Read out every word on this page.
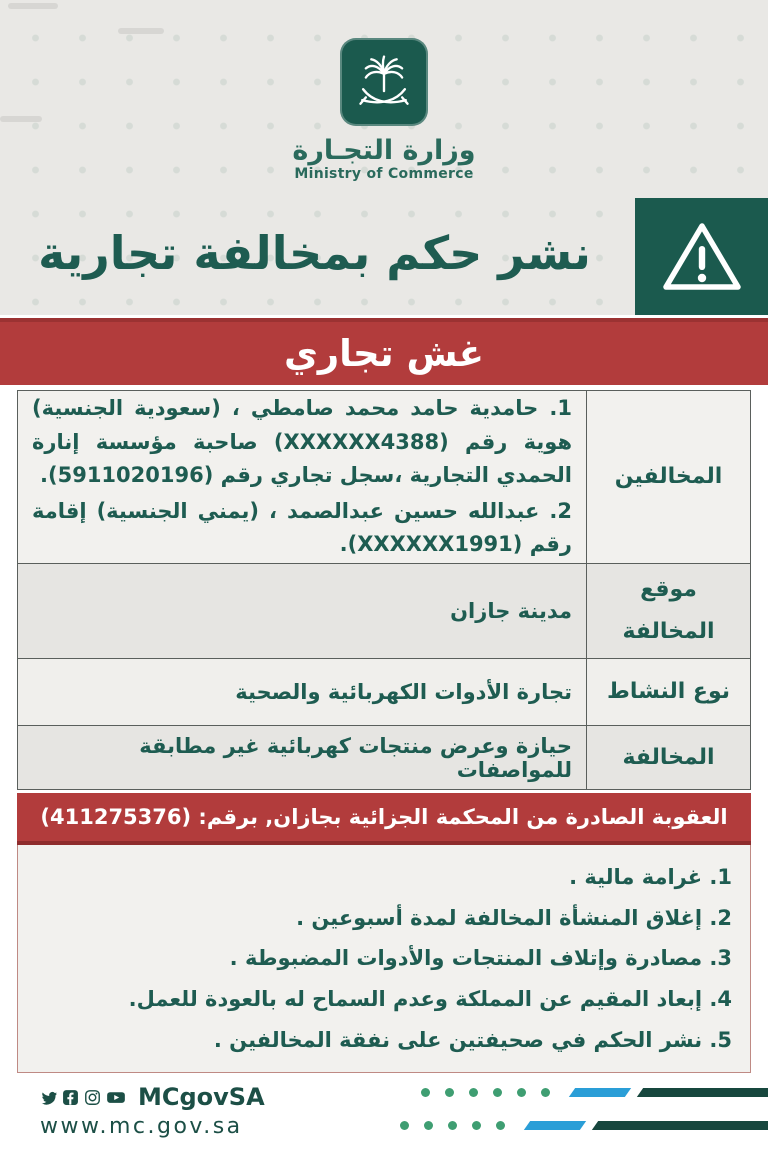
وزارة التجـارة
Ministry of Commerce
نشر حكم بمخالفة تجارية
غش تجاري
المخالفين

1. حامدية حامد محمد صامطي ، (سعودية الجنسية) هوية رقم (XXXXXX4388) صاحبة مؤسسة إنارة الحمدي التجارية ،سجل تجاري رقم (5911020196).

2. عبدالله حسين عبدالصمد ، (يمني الجنسية) إقامة رقم (XXXXXX1991).

موقع
المخالفة
مدينة جازان
نوع النشاط
تجارة الأدوات الكهربائية والصحية
المخالفة
حيازة وعرض منتجات كهربائية غير مطابقة للمواصفات
العقوبة الصادرة من المحكمة الجزائية بجازان, برقم: (411275376)
1. غرامة مالية .
2. إغلاق المنشأة المخالفة لمدة أسبوعين .
3. مصادرة وإتلاف المنتجات والأدوات المضبوطة .
4. إبعاد المقيم عن المملكة وعدم السماح له بالعودة للعمل.
5. نشر الحكم في صحيفتين على نفقة المخالفين .
MCgovSA
www.mc.gov.sa
